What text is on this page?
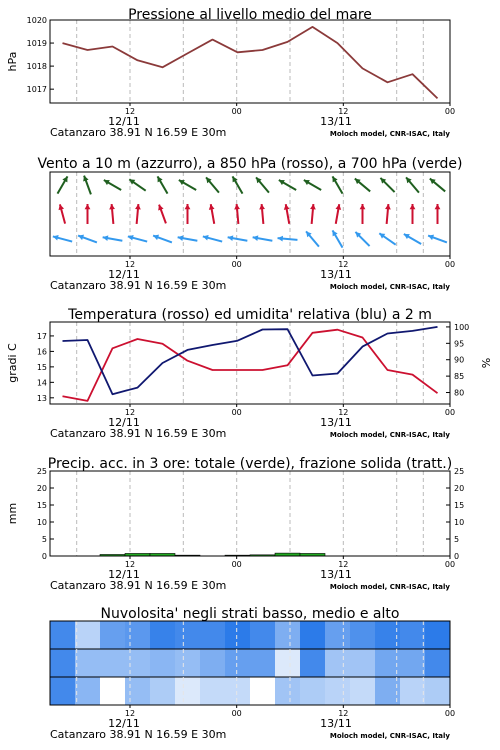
1017
1018
1019
1020	Pressione al livello medio del mare
hPa
12	00	12	00
12/11	13/11
Catanzaro 38.91 N 16.59 E 30m	Moloch model, CNR-ISAC, Italy
Vento a 10 m (azzurro), a 850 hPa (rosso), a 700 hPa (verde)
12	00	12	00
12/11	13/11
Catanzaro 38.91 N 16.59 E 30m	Moloch model, CNR-ISAC, Italy
13
14
15
16
17
80
85
90
95
100
Temperatura (rosso) ed umidita' relativa (blu) a 2 m
gradi C	%
12	00	12	00
12/11	13/11
Catanzaro 38.91 N 16.59 E 30m	Moloch model, CNR-ISAC, Italy
0
5
10
15
20
25
0
5
10
15
20
25
Precip. acc. in 3 ore: totale (verde), frazione solida (tratt.)
mm
12	00	12	00
12/11	13/11
Catanzaro 38.91 N 16.59 E 30m	Moloch model, CNR-ISAC, Italy
Nuvolosita' negli strati basso, medio e alto
12	00	12	00
12/11	13/11
Catanzaro 38.91 N 16.59 E 30m	Moloch model, CNR-ISAC, Italy
